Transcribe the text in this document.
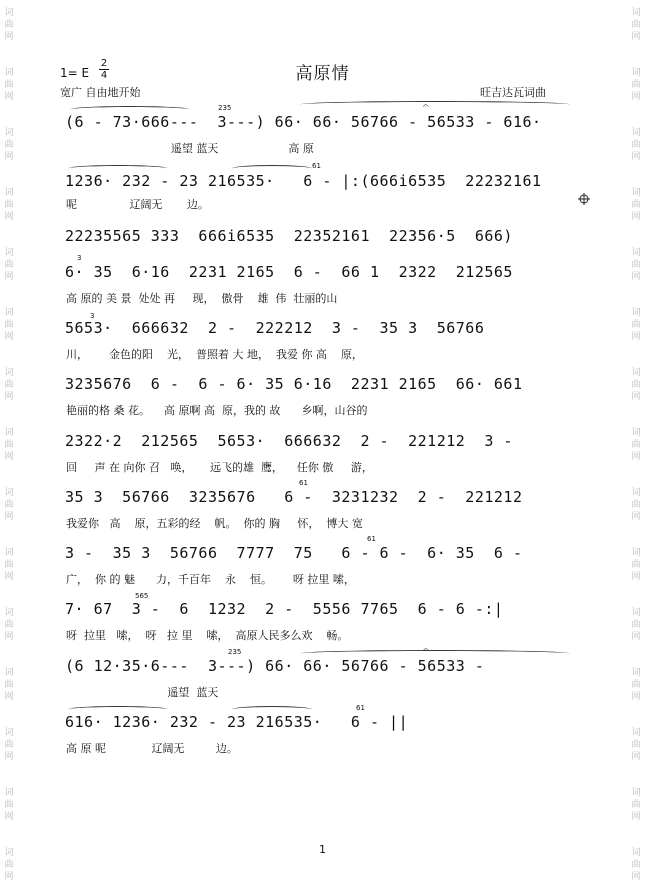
词
曲
网
词
曲
网
词
曲
网
词
曲
网
词
曲
网
词
曲
网
词
曲
网
词
曲
网
词
曲
网
词
曲
网
词
曲
网
词
曲
网
词
曲
网
词
曲
网
词
曲
网
词
曲
网
词
曲
网
词
曲
网
词
曲
网
词
曲
网
词
曲
网
词
曲
网
词
曲
网
词
曲
网
词
曲
网
词
曲
网
词
曲
网
词
曲
网
词
曲
网
词
曲
网
高原情
1= E
2
4
宽广 自由地开始	旺吉达瓦词曲
(6 - 73·666---  3---) 66· 66· 56766 - 56533 - 616·
遥望 蓝天                    高 原
1236· 232 - 23 216535·   6 - |:(666i6535  22232161
呢               辽阔无       边。
22235565 333  666i6535  22352161  22356·5  666)
6· 35  6·16  2231 2165  6 -  66 1  2322  212565
高 原的 美 景  处处 再     现，  傲骨    雄  伟  壮丽的山
5653·  666632  2 -  222212  3 -  35 3  56766
川，      金色的阳    光，  普照着 大 地，  我爱 你 高    原，
3235676  6 -  6 - 6· 35 6·16  2231 2165  66· 661
艳丽的格 桑 花。    高 原啊 高  原，我的 故      乡啊，山谷的
2322·2  212565  5653·  666632  2 -  221212  3 -
回     声 在 向你 召   唤，     远飞的雄  鹰，    任你 傲     游，
35 3  56766  3235676   6 -  3231232  2 -  221212
我爱你   高    原，五彩的经    帆。  你的 胸     怀，  博大 宽
3 -  35 3  56766  7777  75   6 - 6 -  6· 35  6 -
广，  你 的 魅      力，千百年    永    恒。      呀 拉里 嗦，
7· 67  3 -  6  1232  2 -  5556 7765  6 - 6 -:|
呀  拉里   嗦，  呀   拉 里    嗦，  高原人民多么欢    畅。
(6 12·35·6---  3---) 66· 66· 56766 - 56533 -
遥望  蓝天
616· 1236· 232 - 23 216535·   6 - ||
高 原 呢             辽阔无         边。
235
61
61
61
565
235
61
3
3
𝄐
𝄐
1
